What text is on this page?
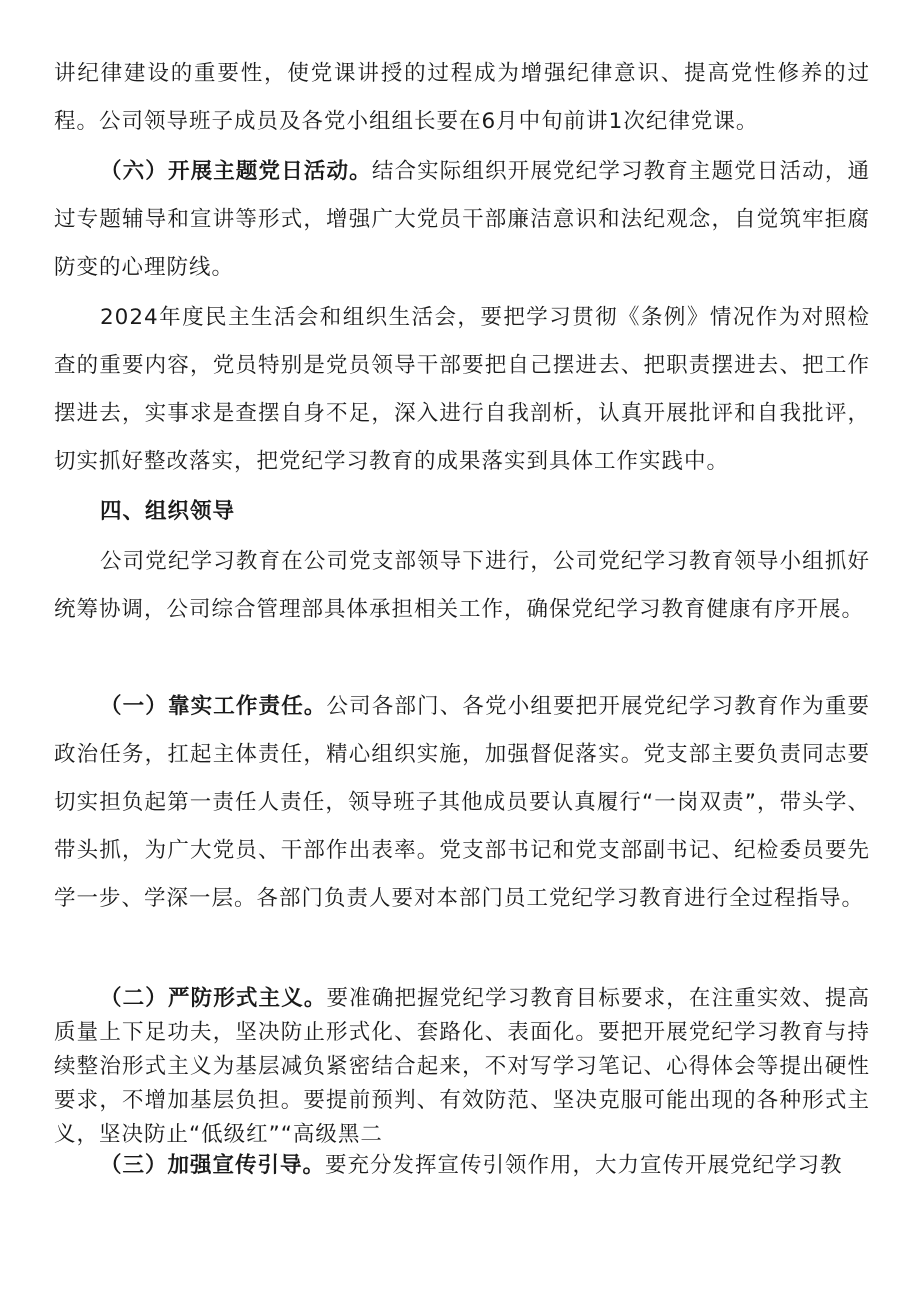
讲纪律建设的重要性，使党课讲授的过程成为增强纪律意识、提高党性修养的过程。公司领导班子成员及各党小组组长要在6月中旬前讲1次纪律党课。

（六）开展主题党日活动。结合实际组织开展党纪学习教育主题党日活动，通过专题辅导和宣讲等形式，增强广大党员干部廉洁意识和法纪观念，自觉筑牢拒腐防变的心理防线。

2024年度民主生活会和组织生活会，要把学习贯彻《条例》情况作为对照检查的重要内容，党员特别是党员领导干部要把自己摆进去、把职责摆进去、把工作摆进去，实事求是查摆自身不足，深入进行自我剖析，认真开展批评和自我批评，切实抓好整改落实，把党纪学习教育的成果落实到具体工作实践中。

四、组织领导

公司党纪学习教育在公司党支部领导下进行，公司党纪学习教育领导小组抓好统筹协调，公司综合管理部具体承担相关工作，确保党纪学习教育健康有序开展。

（一）靠实工作责任。公司各部门、各党小组要把开展党纪学习教育作为重要政治任务，扛起主体责任，精心组织实施，加强督促落实。党支部主要负责同志要切实担负起第一责任人责任，领导班子其他成员要认真履行“一岗双责”，带头学、带头抓，为广大党员、干部作出表率。党支部书记和党支部副书记、纪检委员要先学一步、学深一层。各部门负责人要对本部门员工党纪学习教育进行全过程指导。

（二）严防形式主义。要准确把握党纪学习教育目标要求，在注重实效、提高质量上下足功夫，坚决防止形式化、套路化、表面化。要把开展党纪学习教育与持续整治形式主义为基层减负紧密结合起来，不对写学习笔记、心得体会等提出硬性要求，不增加基层负担。要提前预判、有效防范、坚决克服可能出现的各种形式主义，坚决防止“低级红”“高级黑二

（三）加强宣传引导。要充分发挥宣传引领作用，大力宣传开展党纪学习教
